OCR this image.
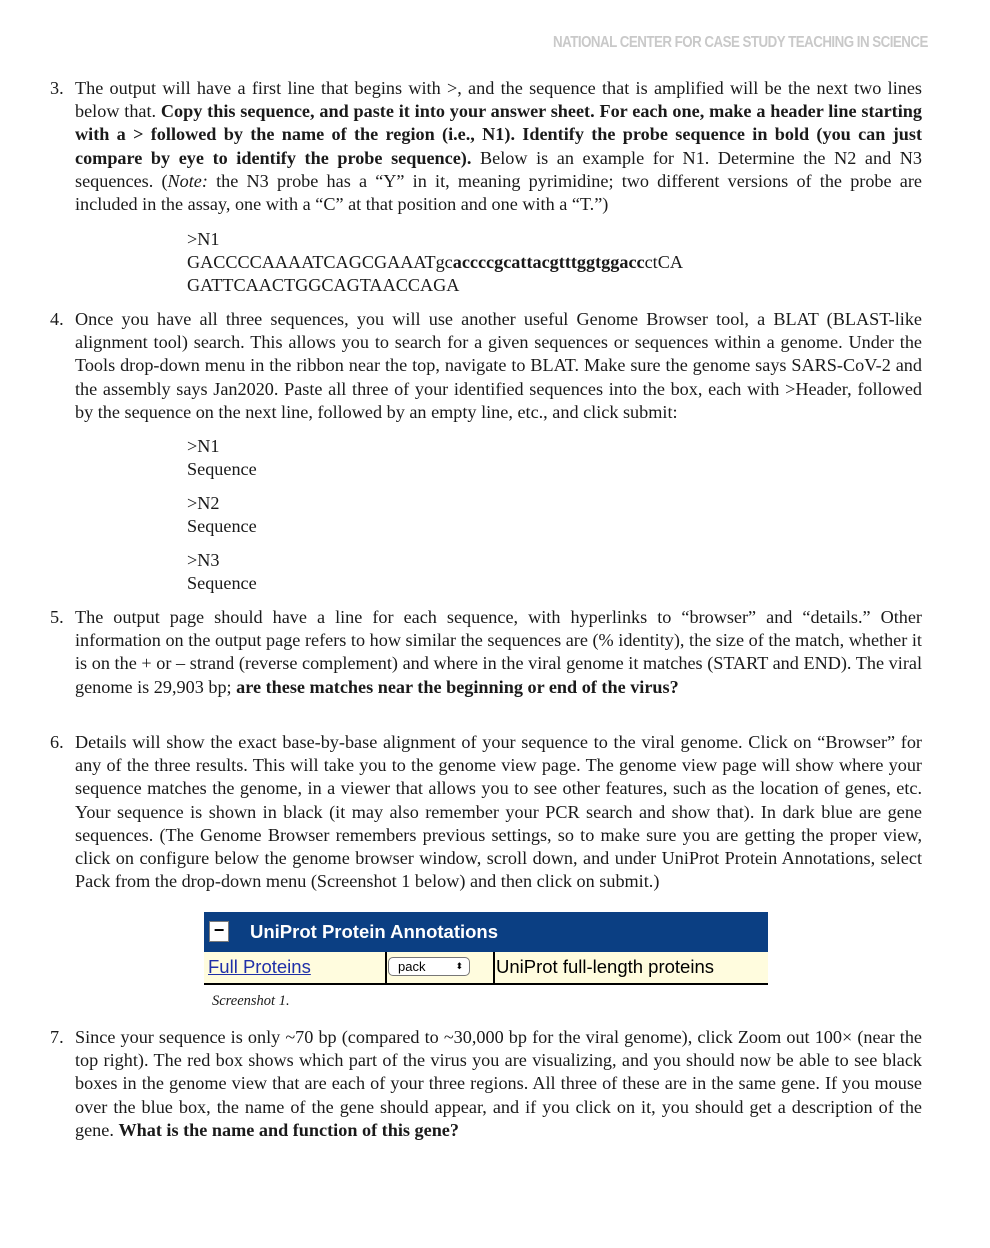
NATIONAL CENTER FOR CASE STUDY TEACHING IN SCIENCE
3. The output will have a first line that begins with >, and the sequence that is amplified will be the next two lines below that. Copy this sequence, and paste it into your answer sheet. For each one, make a header line starting with a > followed by the name of the region (i.e., N1). Identify the probe sequence in bold (you can just compare by eye to identify the probe sequence). Below is an example for N1. Determine the N2 and N3 sequences. (Note: the N3 probe has a “Y” in it, meaning pyrimidine; two different versions of the probe are included in the assay, one with a “C” at that position and one with a “T.”)
>N1
GACCCCAAAATCAGCGAAATgcaccccgcattacgtttggtggaccctCA
GATTCAACTGGCAGTAACCAGA
4. Once you have all three sequences, you will use another useful Genome Browser tool, a BLAT (BLAST-like alignment tool) search. This allows you to search for a given sequences or sequences within a genome. Under the Tools drop-down menu in the ribbon near the top, navigate to BLAT. Make sure the genome says SARS-CoV-2 and the assembly says Jan2020. Paste all three of your identified sequences into the box, each with >Header, followed by the sequence on the next line, followed by an empty line, etc., and click submit:
>N1
Sequence
>N2
Sequence
>N3
Sequence
5. The output page should have a line for each sequence, with hyperlinks to “browser” and “details.” Other information on the output page refers to how similar the sequences are (% identity), the size of the match, whether it is on the + or – strand (reverse complement) and where in the viral genome it matches (START and END). The viral genome is 29,903 bp; are these matches near the beginning or end of the virus?
6. Details will show the exact base-by-base alignment of your sequence to the viral genome. Click on “Browser” for any of the three results. This will take you to the genome view page. The genome view page will show where your sequence matches the genome, in a viewer that allows you to see other features, such as the location of genes, etc. Your sequence is shown in black (it may also remember your PCR search and show that). In dark blue are gene sequences. (The Genome Browser remembers previous settings, so to make sure you are getting the proper view, click on configure below the genome browser window, scroll down, and under UniProt Protein Annotations, select Pack from the drop-down menu (Screenshot 1 below) and then click on submit.)
− UniProt Protein Annotations
Full Proteins	pack	⬍ UniProt full-length proteins
Screenshot 1.
7. Since your sequence is only ~70 bp (compared to ~30,000 bp for the viral genome), click Zoom out 100× (near the top right). The red box shows which part of the virus you are visualizing, and you should now be able to see black boxes in the genome view that are each of your three regions. All three of these are in the same gene. If you mouse over the blue box, the name of the gene should appear, and if you click on it, you should get a description of the gene. What is the name and function of this gene?
